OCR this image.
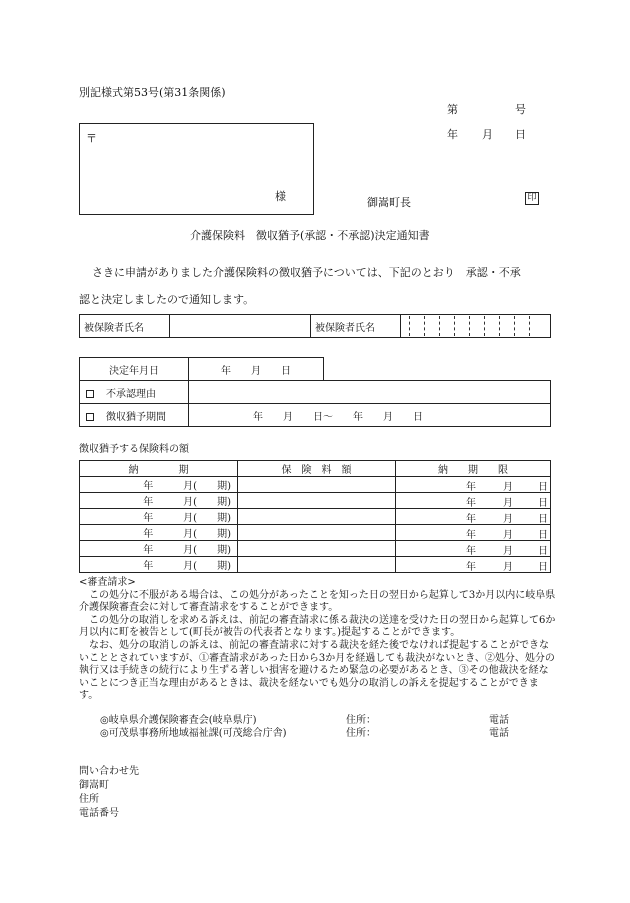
別記様式第53号(第31条関係)
第	号
年 月 日
〒
様	御嵩町長	印
介護保険料　徴収猶予(承認・不承認)決定通知書
さきに申請がありました介護保険料の徴収猶予については、下記のとおり　承認・不承
認と決定しましたので通知します。
被保険者氏名		被保険者氏名	
決定年月日	年　　月　　日	
不承認理由		
徴収猶予期間	年　　月　　日～　　年　　月　　日	
徴収猶予する保険料の額
納　　　　期	保　険　料　額	納　　期　　限
年　　　月(　　期)		年 月 日

年　　　月(　　期)		年 月 日

年　　　月(　　期)		年 月 日

年　　　月(　　期)		年 月 日

年　　　月(　　期)		年 月 日

年　　　月(　　期)		年 月 日

<審査請求>

　この処分に不服がある場合は、この処分があったことを知った日の翌日から起算して3か月以内に岐阜県介護保険審査会に対して審査請求をすることができます。

　この処分の取消しを求める訴えは、前記の審査請求に係る裁決の送達を受けた日の翌日から起算して6か月以内に町を被告として(町長が被告の代表者となります。)提起することができます。

　なお、処分の取消しの訴えは、前記の審査請求に対する裁決を経た後でなければ提起することができないこととされていますが、①審査請求があった日から3か月を経過しても裁決がないとき、②処分、処分の執行又は手続きの続行により生ずる著しい損害を避けるため緊急の必要があるとき、③その他裁決を経ないことにつき正当な理由があるときは、裁決を経ないでも処分の取消しの訴えを提起することができます。

◎岐阜県介護保険審査会(岐阜県庁)	住所：	電話
◎可茂県事務所地域福祉課(可茂総合庁舎)	住所：	電話
問い合わせ先
御嵩町
住所
電話番号
